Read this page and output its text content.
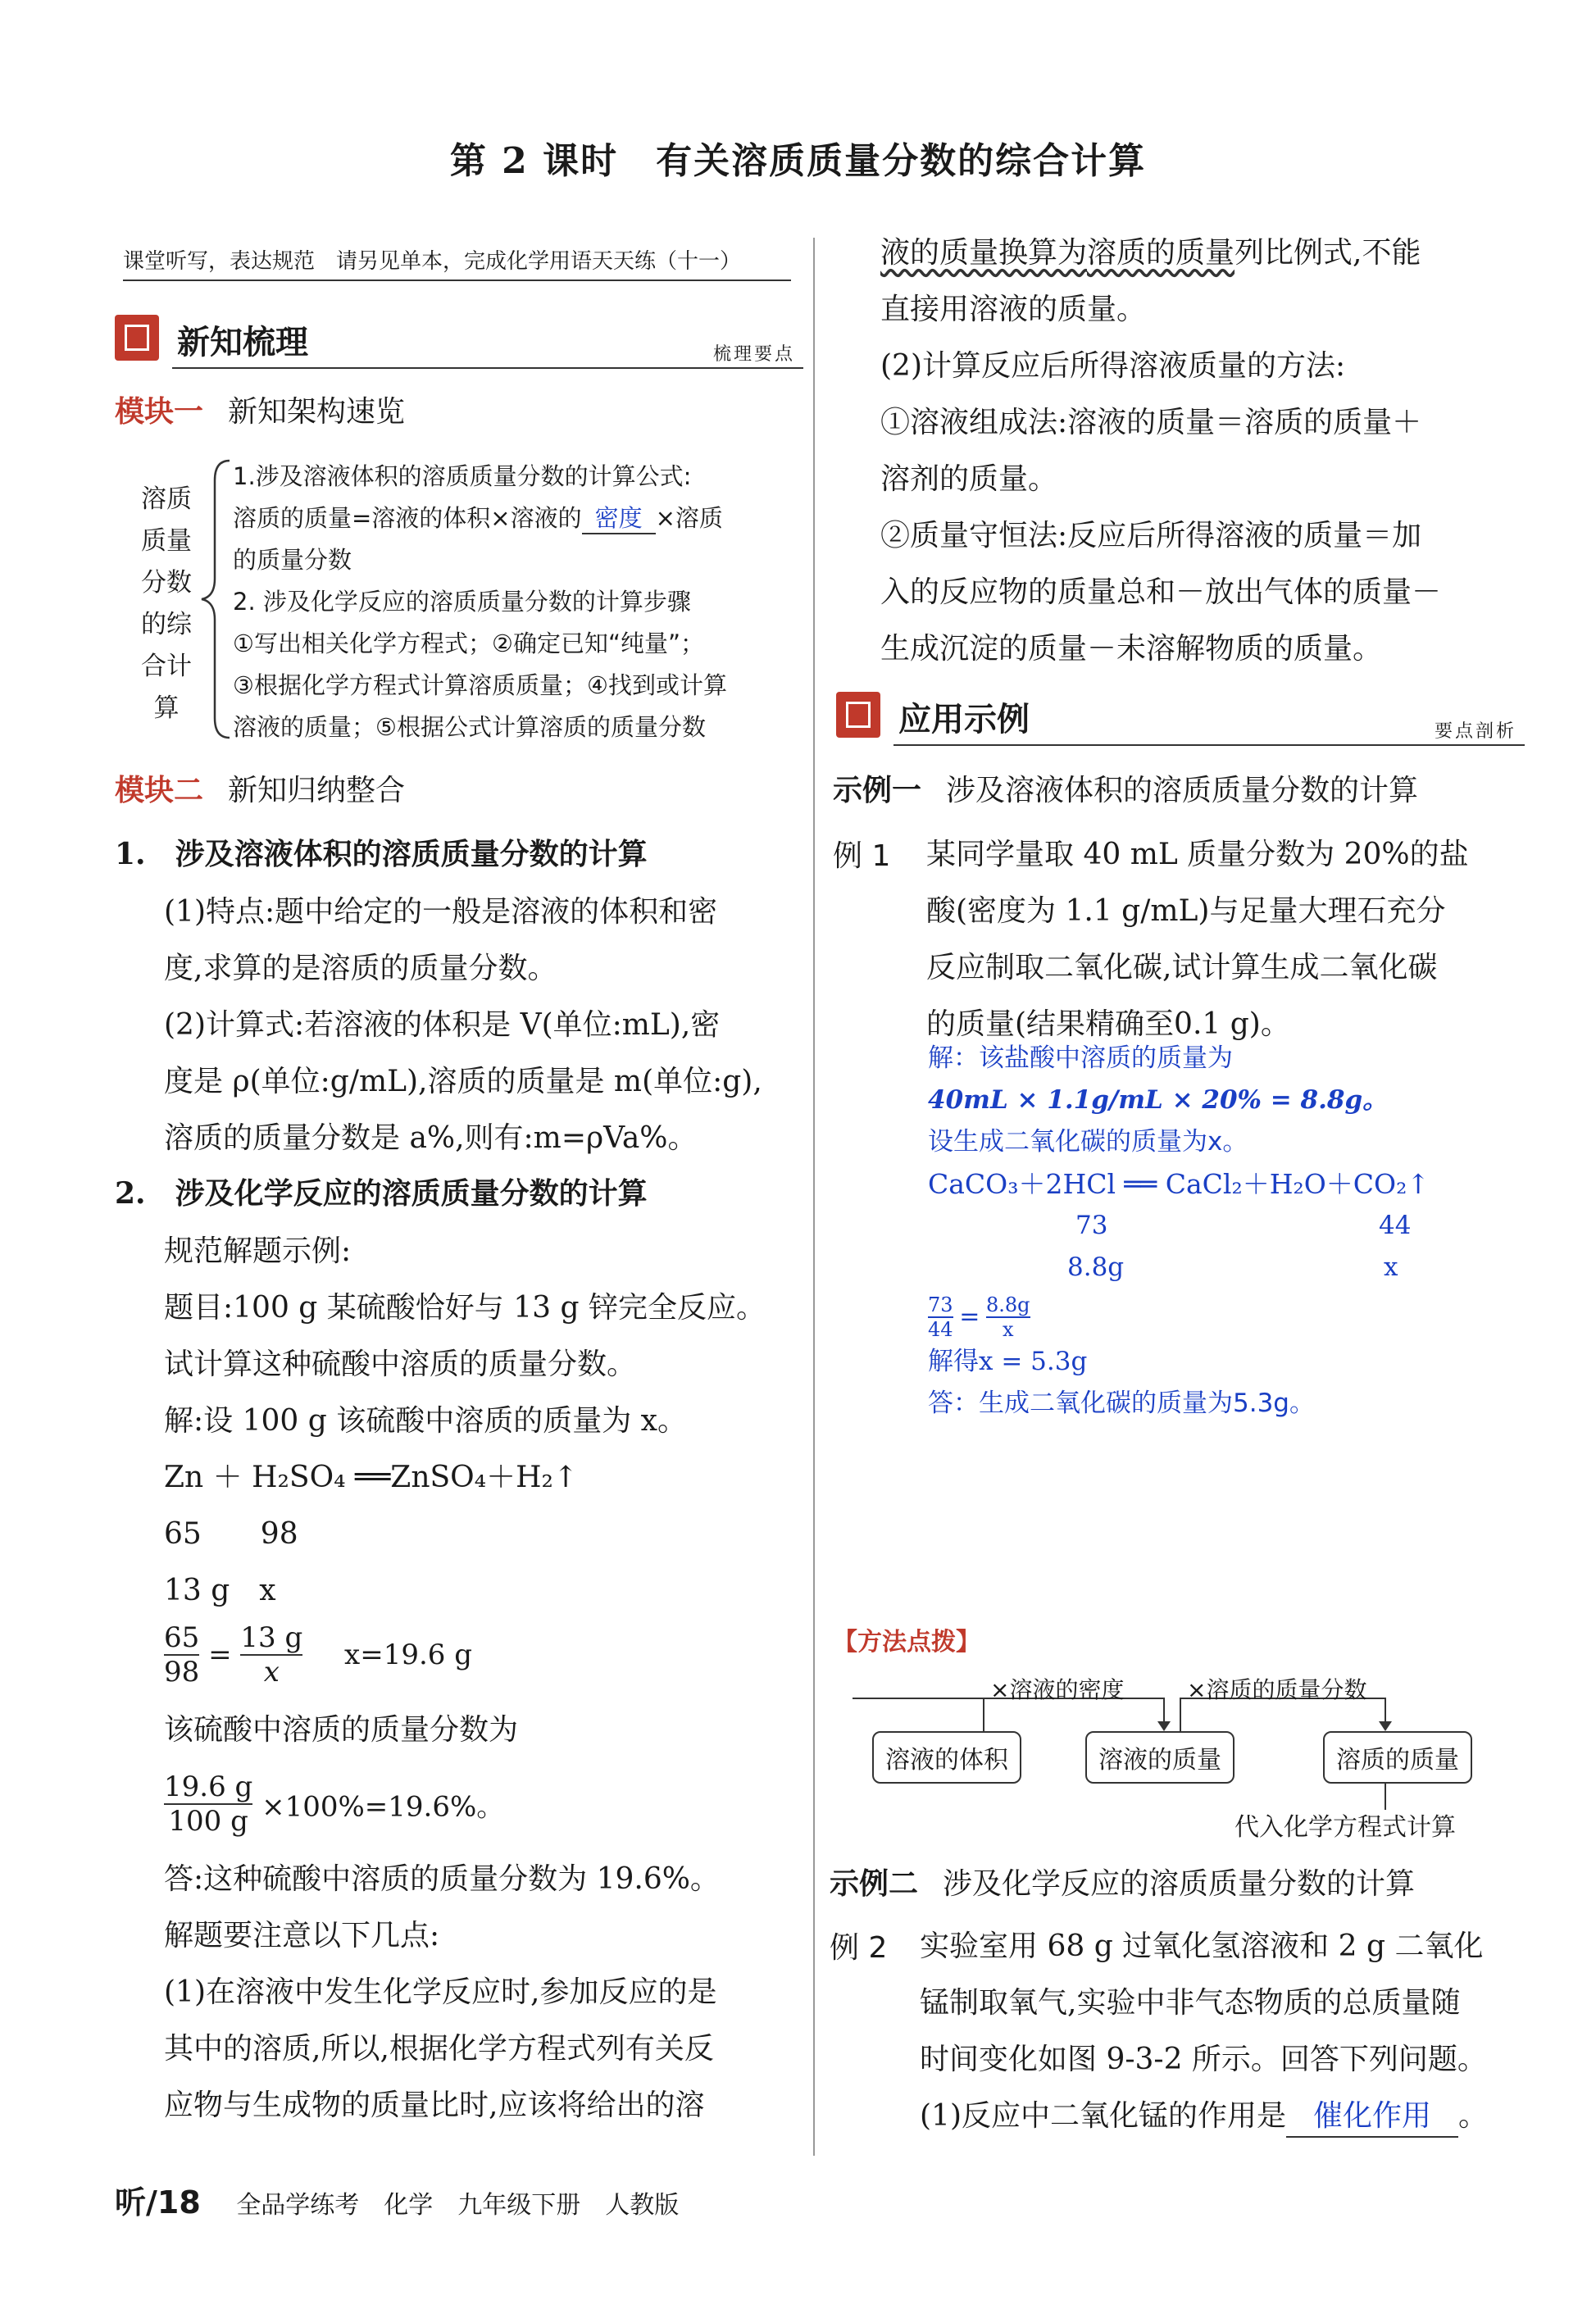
第 2 课时　有关溶质质量分数的综合计算
课堂听写，表达规范　请另见单本，完成化学用语天天练（十一）
新知梳理	梳理要点
模块一 新知架构速览
溶质
质量
分数
的综
合计
算
1.涉及溶液体积的溶质质量分数的计算公式:
溶质的质量=溶液的体积×溶液的 密度 ×溶质
的质量分数
2. 涉及化学反应的溶质质量分数的计算步骤
①写出相关化学方程式；②确定已知“纯量”；
③根据化学方程式计算溶质质量；④找到或计算
溶液的质量；⑤根据公式计算溶质的质量分数
模块二 新知归纳整合
1.　涉及溶液体积的溶质质量分数的计算
(1)特点:题中给定的一般是溶液的体积和密
度,求算的是溶质的质量分数。
(2)计算式:若溶液的体积是 V(单位:mL),密
度是 ρ(单位:g/mL),溶质的质量是 m(单位:g),
溶质的质量分数是 a%,则有:m=ρVa%。
2.　涉及化学反应的溶质质量分数的计算
规范解题示例:
题目:100 g 某硫酸恰好与 13 g 锌完全反应。
试计算这种硫酸中溶质的质量分数。
解:设 100 g 该硫酸中溶质的质量为 x。
Zn ＋ H₂SO₄ ══ZnSO₄＋H₂↑
65　　98
13 g　x
$\frac{65}{98} = \frac{13 g}{x} x=19.6$ g
该硫酸中溶质的质量分数为
$\frac{19.6 g}{100 g} \times 100\%=19.6\%$。
答:这种硫酸中溶质的质量分数为 19.6%。
解题要注意以下几点:
(1)在溶液中发生化学反应时,参加反应的是
其中的溶质,所以,根据化学方程式列有关反
应物与生成物的质量比时,应该将给出的溶
液的质量换算为溶质的质量列比例式,不能
直接用溶液的质量。
(2)计算反应后所得溶液质量的方法:
①溶液组成法:溶液的质量＝溶质的质量＋
溶剂的质量。
②质量守恒法:反应后所得溶液的质量＝加
入的反应物的质量总和－放出气体的质量－
生成沉淀的质量－未溶解物质的质量。
应用示例	要点剖析
示例一 涉及溶液体积的溶质质量分数的计算
例 1 某同学量取 40 mL 质量分数为 20%的盐
酸(密度为 1.1 g/mL)与足量大理石充分
反应制取二氧化碳,试计算生成二氧化碳
的质量(结果精确至0.1 g)。
解：该盐酸中溶质的质量为
40mL × 1.1g/mL × 20% = 8.8g。
设生成二氧化碳的质量为x。
CaCO₃＋2HCl ══ CaCl₂＋H₂O＋CO₂↑
73	44
8.8g	x
$\frac{73}{44} = \frac{8.8g}{x}$
解得x = 5.3g
答：生成二氧化碳的质量为5.3g。
【方法点拨】
×溶液的密度	×溶质的质量分数
溶液的体积	溶液的质量	溶质的质量
代入化学方程式计算
示例二 涉及化学反应的溶质质量分数的计算
例 2 实验室用 68 g 过氧化氢溶液和 2 g 二氧化
锰制取氧气,实验中非气态物质的总质量随
时间变化如图 9-3-2 所示。回答下列问题。
(1)反应中二氧化锰的作用是 催化作用 。
听/18 全品学练考　化学　九年级下册　人教版
